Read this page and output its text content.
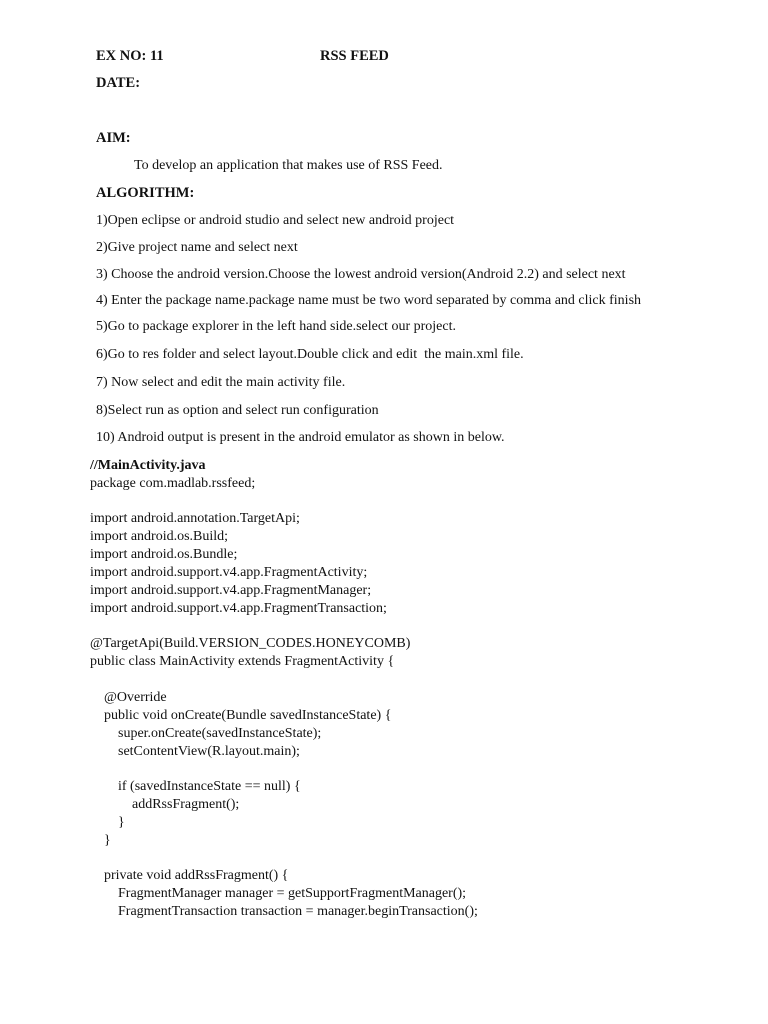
EX NO: 11	RSS FEED
DATE:
AIM:
To develop an application that makes use of RSS Feed.
ALGORITHM:
1)Open eclipse or android studio and select new android project
2)Give project name and select next
3) Choose the android version.Choose the lowest android version(Android 2.2) and select next
4) Enter the package name.package name must be two word separated by comma and click finish
5)Go to package explorer in the left hand side.select our project.
6)Go to res folder and select layout.Double click and edit  the main.xml file.
7) Now select and edit the main activity file.
8)Select run as option and select run configuration
10) Android output is present in the android emulator as shown in below.
//MainActivity.java
package com.madlab.rssfeed;
import android.annotation.TargetApi;
import android.os.Build;
import android.os.Bundle;
import android.support.v4.app.FragmentActivity;
import android.support.v4.app.FragmentManager;
import android.support.v4.app.FragmentTransaction;
@TargetApi(Build.VERSION_CODES.HONEYCOMB)
public class MainActivity extends FragmentActivity {
@Override
public void onCreate(Bundle savedInstanceState) {
super.onCreate(savedInstanceState);
setContentView(R.layout.main);
if (savedInstanceState == null) {
addRssFragment();
}
}
private void addRssFragment() {
FragmentManager manager = getSupportFragmentManager();
FragmentTransaction transaction = manager.beginTransaction();
